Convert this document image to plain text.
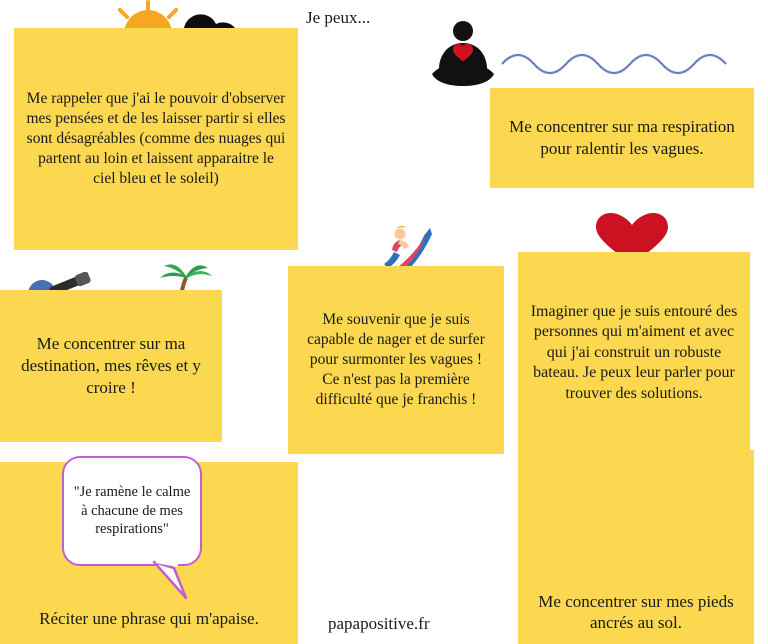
Je peux...
Me rappeler que j'ai le pouvoir d'observer mes pensées et de les laisser partir si elles sont désagréables (comme des nuages qui partent au loin et laissent apparaitre le ciel bleu et le soleil)
Me concentrer sur ma respiration pour ralentir les vagues.
Me concentrer sur ma destination, mes rêves et y croire !
Me souvenir que je suis capable de nager et de surfer pour surmonter les vagues ! Ce n'est pas la première difficulté que je franchis !
Imaginer que je suis entouré des personnes qui m'aiment et avec qui j'ai construit un robuste bateau. Je peux leur parler pour trouver des solutions.
Réciter une phrase qui m'apaise.
Me concentrer sur mes pieds ancrés au sol.
"Je ramène le calme à chacune de mes respirations"
papapositive.fr
